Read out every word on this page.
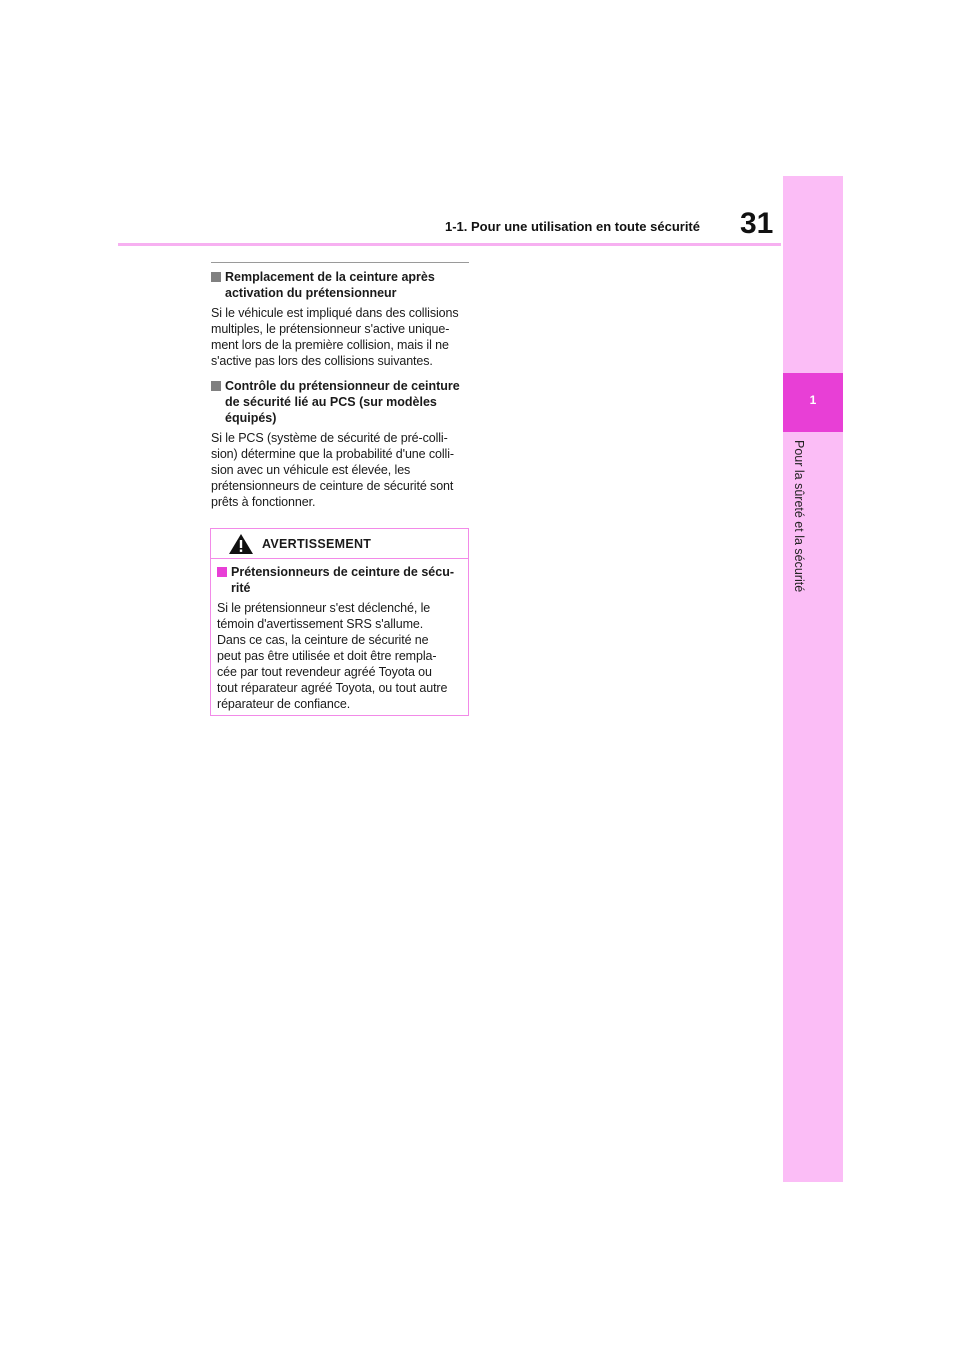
31
1-1. Pour une utilisation en toute sécurité
1
Pour la sûreté et la sécurité
Remplacement de la ceinture après
activation du prétensionneur
Si le véhicule est impliqué dans des collisions
multiples, le prétensionneur s'active unique-
ment lors de la première collision, mais il ne
s'active pas lors des collisions suivantes.
Contrôle du prétensionneur de ceinture
de sécurité lié au PCS (sur modèles
équipés)
Si le PCS (système de sécurité de pré-colli-
sion) détermine que la probabilité d'une colli-
sion avec un véhicule est élevée, les
prétensionneurs de ceinture de sécurité sont
prêts à fonctionner.
AVERTISSEMENT
Prétensionneurs de ceinture de sécu-
rité
Si le prétensionneur s'est déclenché, le
témoin d'avertissement SRS s'allume.
Dans ce cas, la ceinture de sécurité ne
peut pas être utilisée et doit être rempla-
cée par tout revendeur agréé Toyota ou
tout réparateur agréé Toyota, ou tout autre
réparateur de confiance.
